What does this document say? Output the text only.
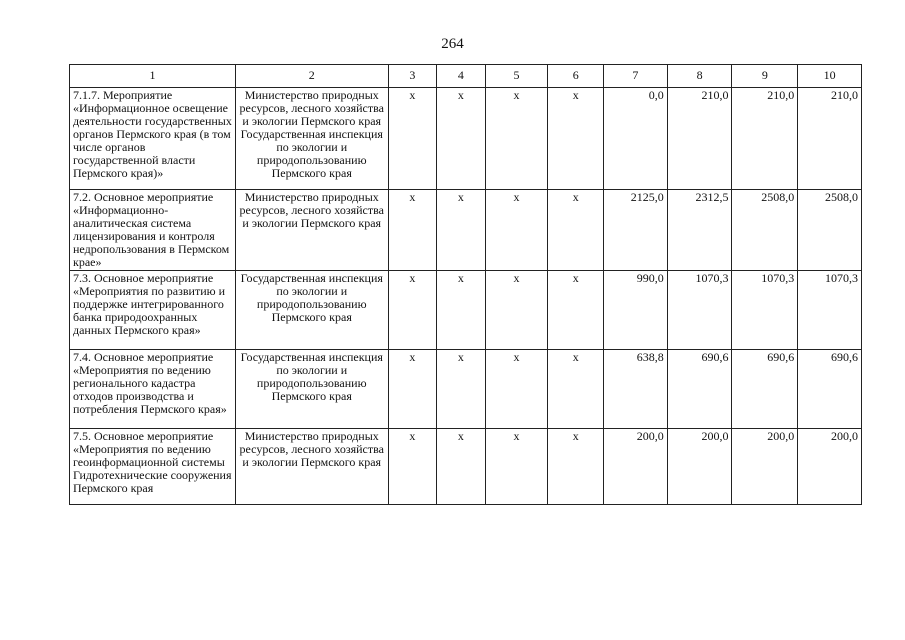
264
1	2	3	4	5	6	7	8	9	10
7.1.7. Мероприятие «Информационное освещение деятельности государственных органов Пермского края (в том числе органов государственной власти Пермского края)»	Министерство природных ресурсов, лесного хозяйства и экологии Пермского края Государственная инспекция по экологии и природопользованию Пермского края	х	х	х	х	0,0	210,0	210,0	210,0
7.2. Основное мероприятие «Информационно-аналитическая система лицензирования и контроля недропользования в Пермском крае»	Министерство природных ресурсов, лесного хозяйства и экологии Пермского края	х	х	х	х	2125,0	2312,5	2508,0	2508,0
7.3. Основное мероприятие «Мероприятия по развитию и поддержке интегрированного банка природоохранных данных Пермского края»	Государственная инспекция по экологии и природопользованию Пермского края	х	х	х	х	990,0	1070,3	1070,3	1070,3
7.4. Основное мероприятие «Мероприятия по ведению регионального кадастра отходов производства и потребления Пермского края»	Государственная инспекция по экологии и природопользованию Пермского края	х	х	х	х	638,8	690,6	690,6	690,6
7.5. Основное мероприятие «Мероприятия по ведению геоинформационной системы Гидротехнические сооружения Пермского края	Министерство природных ресурсов, лесного хозяйства и экологии Пермского края	х	х	х	х	200,0	200,0	200,0	200,0
